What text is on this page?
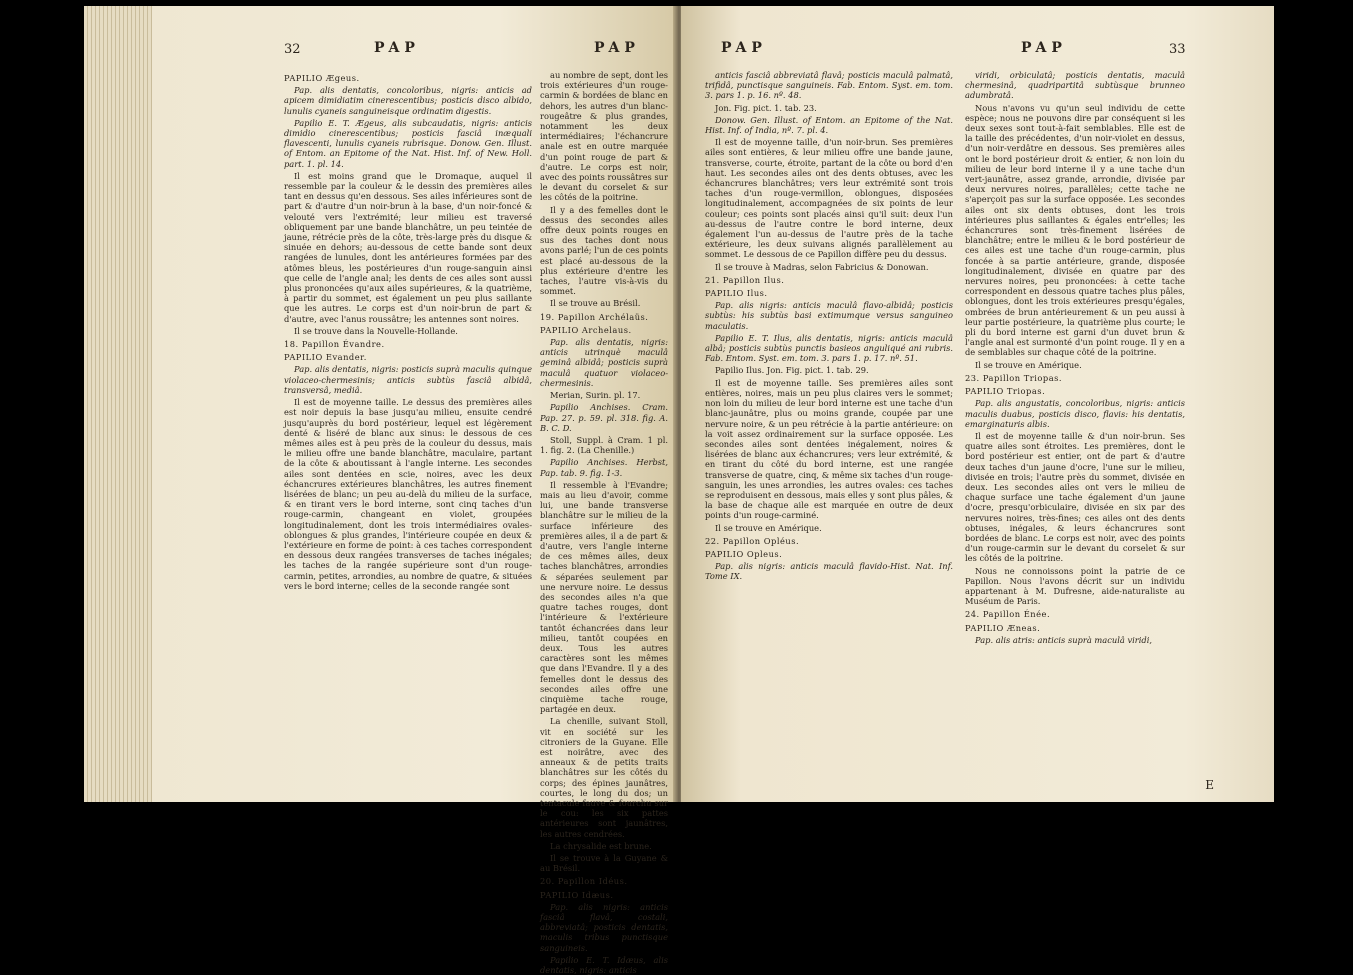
32	PAP	PAP

PAPILIO Ægeus.

Pap. alis dentatis, concoloribus, nigris: anticis ad apicem dimidiatim cinerescentibus; posticis disco albido, lunulis cyaneis sanguineisque ordinatim digestis.

Papilio E. T. Ægeus, alis subcaudatis, nigris: anticis dimidio cinerescentibus; posticis fasciâ inæquali flavescenti, lunulis cyaneis rubrisque. Donow. Gen. Illust. of Entom. an Epitome of the Nat. Hist. Inf. of New. Holl. part. 1. pl. 14.

Il est moins grand que le Dromaque, auquel il ressemble par la couleur & le dessin des premières ailes tant en dessus qu'en dessous. Ses ailes inférieures sont de part & d'autre d'un noir-brun à la base, d'un noir-foncé & velouté vers l'extrémité; leur milieu est traversé obliquement par une bande blanchâtre, un peu teintée de jaune, rétrécie près de la côte, très-large près du disque & sinuée en dehors; au-dessous de cette bande sont deux rangées de lunules, dont les antérieures formées par des atômes bleus, les postérieures d'un rouge-sanguin ainsi que celle de l'angle anal; les dents de ces ailes sont aussi plus prononcées qu'aux ailes supérieures, & la quatrième, à partir du sommet, est également un peu plus saillante que les autres. Le corps est d'un noir-brun de part & d'autre, avec l'anus roussâtre; les antennes sont noires.

Il se trouve dans la Nouvelle-Hollande.

18. Papillon Évandre.

PAPILIO Evander.

Pap. alis dentatis, nigris: posticis suprà maculis quinque violaceo-chermesinis; anticis subtùs fasciâ albidâ, transversâ, mediâ.

Il est de moyenne taille. Le dessus des premières ailes est noir depuis la base jusqu'au milieu, ensuite cendré jusqu'auprès du bord postérieur, lequel est légèrement denté & liséré de blanc aux sinus: le dessous de ces mêmes ailes est à peu près de la couleur du dessus, mais le milieu offre une bande blanchâtre, maculaire, partant de la côte & aboutissant à l'angle interne. Les secondes ailes sont dentées en scie, noires, avec les deux échancrures extérieures blanchâtres, les autres finement lisérées de blanc; un peu au-delà du milieu de la surface, & en tirant vers le bord interne, sont cinq taches d'un rouge-carmin, changeant en violet, groupées longitudinalement, dont les trois intermédiaires ovales-oblongues & plus grandes, l'intérieure coupée en deux & l'extérieure en forme de point: à ces taches correspondent en dessous deux rangées transverses de taches inégales; les taches de la rangée supérieure sont d'un rouge-carmin, petites, arrondies, au nombre de quatre, & situées vers le bord interne; celles de la seconde rangée sont

au nombre de sept, dont les trois extérieures d'un rouge-carmin & bordées de blanc en dehors, les autres d'un blanc-rougeâtre & plus grandes, notamment les deux intermédiaires; l'échancrure anale est en outre marquée d'un point rouge de part & d'autre. Le corps est noir, avec des points roussâtres sur le devant du corselet & sur les côtés de la poitrine.

Il y a des femelles dont le dessus des secondes ailes offre deux points rouges en sus des taches dont nous avons parlé; l'un de ces points est placé au-dessous de la plus extérieure d'entre les taches, l'autre vis-à-vis du sommet.

Il se trouve au Brésil.

19. Papillon Archélaüs.

PAPILIO Archelaus.

Pap. alis dentatis, nigris: anticis utrinquè maculâ geminâ albidâ; posticis suprà maculâ quatuor violaceo-chermesinis.

Merian, Surin. pl. 17.

Papilio Anchises. Cram. Pap. 27. p. 59. pl. 318. fig. A. B. C. D.

Stoll, Suppl. à Cram. 1 pl. 1. fig. 2. (La Chenille.)

Papilio Anchises. Herbst, Pap. tab. 9. fig. 1-3.

Il ressemble à l'Evandre; mais au lieu d'avoir, comme lui, une bande transverse blanchâtre sur le milieu de la surface inférieure des premières ailes, il a de part & d'autre, vers l'angle interne de ces mêmes ailes, deux taches blanchâtres, arrondies & séparées seulement par une nervure noire. Le dessus des secondes ailes n'a que quatre taches rouges, dont l'intérieure & l'extérieure tantôt échancrées dans leur milieu, tantôt coupées en deux. Tous les autres caractères sont les mêmes que dans l'Evandre. Il y a des femelles dont le dessus des secondes ailes offre une cinquième tache rouge, partagée en deux.

La chenille, suivant Stoll, vit en société sur les citroniers de la Guyane. Elle est noirâtre, avec des anneaux & de petits traits blanchâtres sur les côtés du corps; des épines jaunâtres, courtes, le long du dos; un tentacule fauve & fourchu sur le cou: les six pattes antérieures sont jaunâtres, les autres cendrées.

La chrysalide est brune.

Il se trouve à la Guyane & au Brésil.

20. Papillon Idéus.

PAPILIO Idæus.

Pap. alis nigris: anticis fasciâ flavâ, costali, abbreviatâ; posticis dentatis, maculis tribus punctisque sanguineis.

Papilio E. T. Idæus, alis dentatis, nigris: anticis

PAP	PAP	33

anticis fasciâ abbreviatâ flavâ; posticis maculâ palmatâ, trifidâ, punctisque sanguineis. Fab. Entom. Syst. em. tom. 3. pars 1. p. 16. nº. 48.

Jon. Fig. pict. 1. tab. 23.

Donow. Gen. Illust. of Entom. an Epitome of the Nat. Hist. Inf. of India, nº. 7. pl. 4.

Il est de moyenne taille, d'un noir-brun. Ses premières ailes sont entières, & leur milieu offre une bande jaune, transverse, courte, étroite, partant de la côte ou bord d'en haut. Les secondes ailes ont des dents obtuses, avec les échancrures blanchâtres; vers leur extrémité sont trois taches d'un rouge-vermillon, oblongues, disposées longitudinalement, accompagnées de six points de leur couleur; ces points sont placés ainsi qu'il suit: deux l'un au-dessus de l'autre contre le bord interne, deux également l'un au-dessus de l'autre près de la tache extérieure, les deux suivans alignés parallèlement au sommet. Le dessous de ce Papillon diffère peu du dessus.

Il se trouve à Madras, selon Fabricius & Donowan.

21. Papillon Ilus.

PAPILIO Ilus.

Pap. alis nigris: anticis maculâ flavo-albidâ; posticis subtùs: his subtùs basi extimumque versus sanguineo maculatis.

Papilio E. T. Ilus, alis dentatis, nigris: anticis maculâ albâ; posticis subtùs punctis basieos anguliqué ani rubris. Fab. Entom. Syst. em. tom. 3. pars 1. p. 17. nº. 51.

Papilio Ilus. Jon. Fig. pict. 1. tab. 29.

Il est de moyenne taille. Ses premières ailes sont entières, noires, mais un peu plus claires vers le sommet; non loin du milieu de leur bord interne est une tache d'un blanc-jaunâtre, plus ou moins grande, coupée par une nervure noire, & un peu rétrécie à la partie antérieure: on la voit assez ordinairement sur la surface opposée. Les secondes ailes sont dentées inégalement, noires & lisérées de blanc aux échancrures; vers leur extrémité, & en tirant du côté du bord interne, est une rangée transverse de quatre, cinq, & même six taches d'un rouge-sanguin, les unes arrondies, les autres ovales: ces taches se reproduisent en dessous, mais elles y sont plus pâles, & la base de chaque aile est marquée en outre de deux points d'un rouge-carminé.

Il se trouve en Amérique.

22. Papillon Opléus.

PAPILIO Opleus.

Pap. alis nigris: anticis maculâ flavido-Hist. Nat. Inf. Tome IX.

viridi, orbiculatâ; posticis dentatis, maculâ chermesinâ, quadripartitâ subtùsque brunneo adumbratâ.

Nous n'avons vu qu'un seul individu de cette espèce; nous ne pouvons dire par conséquent si les deux sexes sont tout-à-fait semblables. Elle est de la taille des précédentes, d'un noir-violet en dessus, d'un noir-verdâtre en dessous. Ses premières ailes ont le bord postérieur droit & entier, & non loin du milieu de leur bord interne il y a une tache d'un vert-jaunâtre, assez grande, arrondie, divisée par deux nervures noires, parallèles; cette tache ne s'aperçoit pas sur la surface opposée. Les secondes ailes ont six dents obtuses, dont les trois intérieures plus saillantes & égales entr'elles; les échancrures sont très-finement lisérées de blanchâtre; entre le milieu & le bord postérieur de ces ailes est une tache d'un rouge-carmin, plus foncée à sa partie antérieure, grande, disposée longitudinalement, divisée en quatre par des nervures noires, peu prononcées: à cette tache correspondent en dessous quatre taches plus pâles, oblongues, dont les trois extérieures presqu'égales, ombrées de brun antérieurement & un peu aussi à leur partie postérieure, la quatrième plus courte; le pli du bord interne est garni d'un duvet brun & l'angle anal est surmonté d'un point rouge. Il y en a de semblables sur chaque côté de la poitrine.

Il se trouve en Amérique.

23. Papillon Triopas.

PAPILIO Triopas.

Pap. alis angustatis, concoloribus, nigris: anticis maculis duabus, posticis disco, flavis: his dentatis, emarginaturis albis.

Il est de moyenne taille & d'un noir-brun. Ses quatre ailes sont étroites. Les premières, dont le bord postérieur est entier, ont de part & d'autre deux taches d'un jaune d'ocre, l'une sur le milieu, divisée en trois; l'autre près du sommet, divisée en deux. Les secondes ailes ont vers le milieu de chaque surface une tache également d'un jaune d'ocre, presqu'orbiculaire, divisée en six par des nervures noires, très-fines; ces ailes ont des dents obtuses, inégales, & leurs échancrures sont bordées de blanc. Le corps est noir, avec des points d'un rouge-carmin sur le devant du corselet & sur les côtés de la poitrine.

Nous ne connoissons point la patrie de ce Papillon. Nous l'avons décrit sur un individu appartenant à M. Dufresne, aide-naturaliste au Muséum de Paris.

24. Papillon Énée.

PAPILIO Æneas.

Pap. alis atris: anticis suprà maculâ viridi,

E
